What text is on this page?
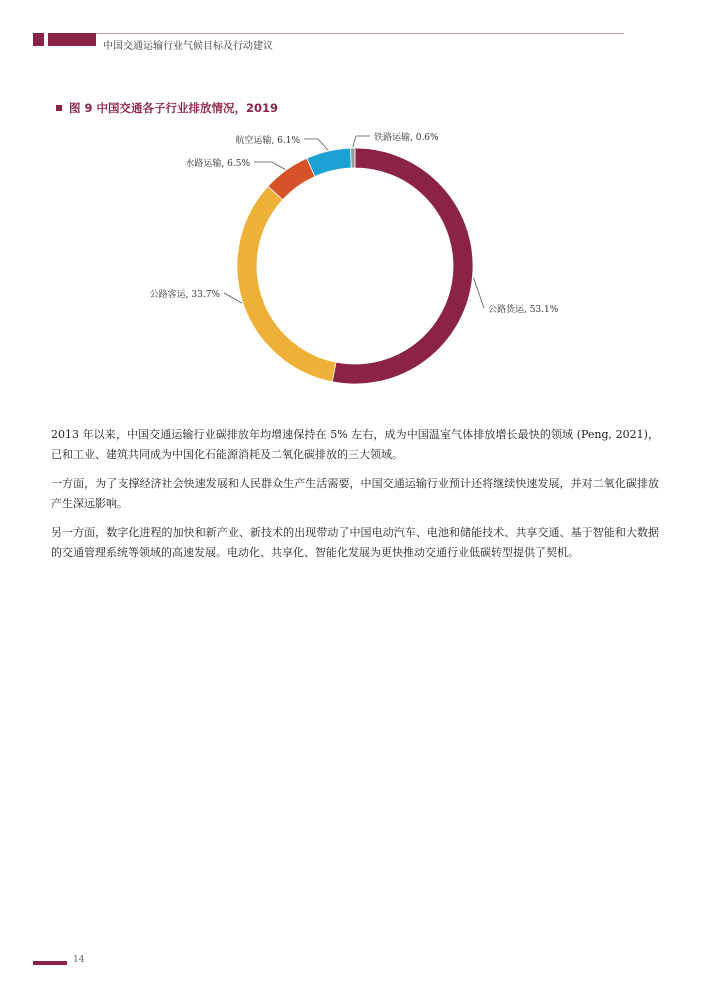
中国交通运输行业气候目标及行动建议
图 9 中国交通各子行业排放情况，2019
公路货运, 53.1%
公路客运, 33.7%
水路运输, 6.5%
航空运输, 6.1%	铁路运输, 0.6%

2013 年以来，中国交通运输行业碳排放年均增速保持在 5% 左右，成为中国温室气体排放增长最快的领域 (Peng, 2021)，已和工业、建筑共同成为中国化石能源消耗及二氧化碳排放的三大领域。

一方面，为了支撑经济社会快速发展和人民群众生产生活需要，中国交通运输行业预计还将继续快速发展，并对二氧化碳排放产生深远影响。

另一方面，数字化进程的加快和新产业、新技术的出现带动了中国电动汽车、电池和储能技术、共享交通、基于智能和大数据的交通管理系统等领域的高速发展。电动化、共享化、智能化发展为更快推动交通行业低碳转型提供了契机。

14
